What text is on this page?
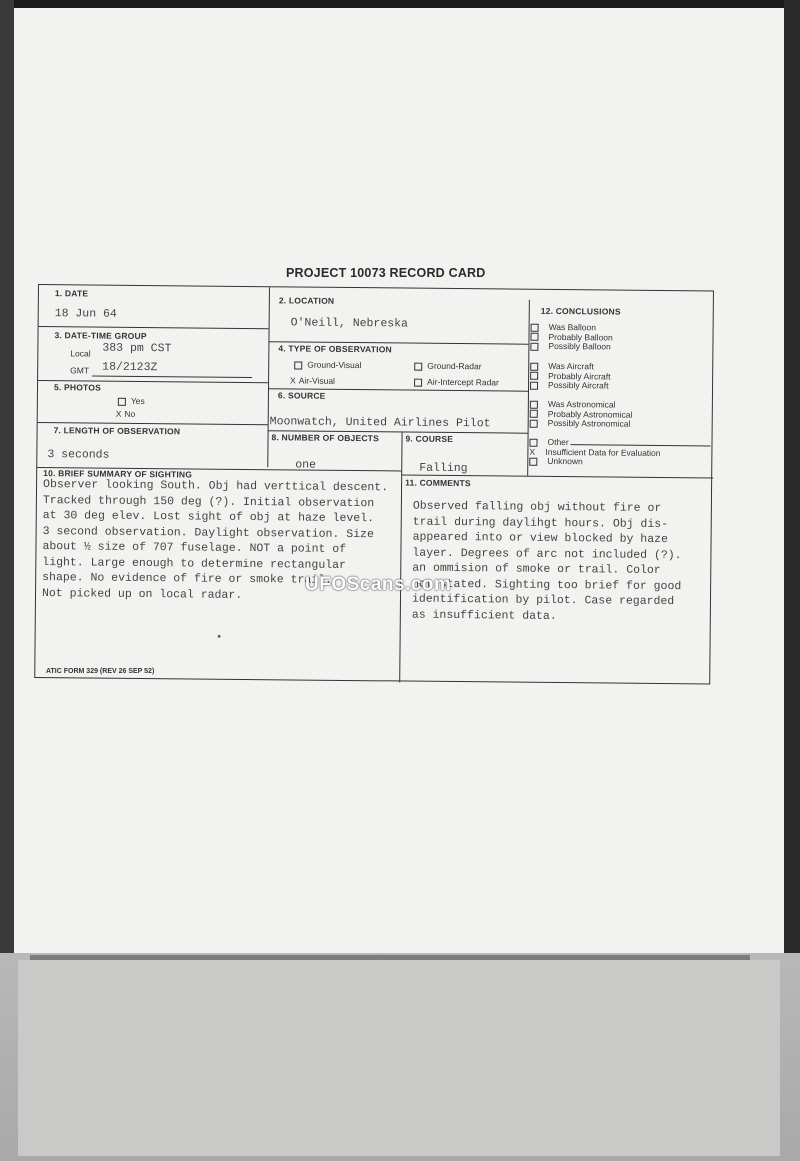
PROJECT 10073 RECORD CARD
1. DATE
18 Jun 64
2. LOCATION
O'Neill, Nebreska
3. DATE-TIME GROUP
Local 383 pm CST
GMT 18/2123Z
4. TYPE OF OBSERVATION
Ground-Visual	Ground-Radar
X Air-Visual	Air-Intercept Radar
5. PHOTOS
Yes
X No
6. SOURCE
Moonwatch, United Airlines Pilot
7. LENGTH OF OBSERVATION
3 seconds
8. NUMBER OF OBJECTS
one
9. COURSE
Falling
10. BRIEF SUMMARY OF SIGHTING
Observer looking South. Obj had verttical descent.
Tracked through 150 deg (?). Initial observation
at 30 deg elev. Lost sight of obj at haze level.
3 second observation. Daylight observation. Size
about ½ size of 707 fuselage. NOT a point of
light. Large enough to determine rectangular
shape. No evidence of fire or smoke trail.
Not picked up on local radar.
11. COMMENTS
Observed falling obj without fire or
trail during daylihgt hours. Obj dis-
appeared into or view blocked by haze
layer. Degrees of arc not included (?).
an ommision of smoke or trail. Color
not stated. Sighting too brief for good
identification by pilot. Case regarded
as insufficient data.
12. CONCLUSIONS
Was Balloon
Probably Balloon
Possibly Balloon
Was Aircraft
Probably Aircraft
Possibly Aircraft
Was Astronomical
Probably Astronomical
Possibly Astronomical
Other
X Insufficient Data for Evaluation
Unknown
ATIC FORM 329 (REV 26 SEP 52)
UFOScans.com
